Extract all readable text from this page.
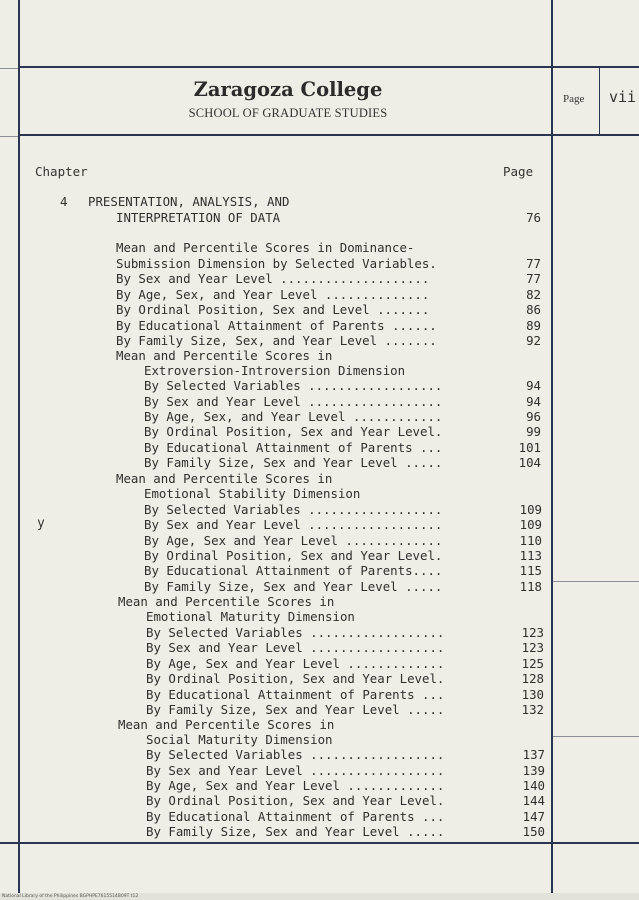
Zaragoza College
SCHOOL OF GRADUATE STUDIES
Page vii
Chapter	Page
4 PRESENTATION, ANALYSIS, AND
INTERPRETATION OF DATA	76
Mean and Percentile Scores in Dominance-
Submission Dimension by Selected Variables.	77
By Sex and Year Level ....................	77
By Age, Sex, and Year Level ..............	82
By Ordinal Position, Sex and Level .......	86
By Educational Attainment of Parents ......	89
By Family Size, Sex, and Year Level .......	92
Mean and Percentile Scores in
Extroversion-Introversion Dimension
By Selected Variables ..................	94
By Sex and Year Level ..................	94
By Age, Sex, and Year Level ............	96
By Ordinal Position, Sex and Year Level.	99
By Educational Attainment of Parents ...	101
By Family Size, Sex and Year Level .....	104
Mean and Percentile Scores in
Emotional Stability Dimension
By Selected Variables ..................	109
By Sex and Year Level ..................	109
By Age, Sex and Year Level .............	110
By Ordinal Position, Sex and Year Level.	113
By Educational Attainment of Parents....	115
By Family Size, Sex and Year Level .....	118
Mean and Percentile Scores in
Emotional Maturity Dimension
By Selected Variables ..................	123
By Sex and Year Level ..................	123
By Age, Sex and Year Level .............	125
By Ordinal Position, Sex and Year Level.	128
By Educational Attainment of Parents ...	130
By Family Size, Sex and Year Level .....	132
Mean and Percentile Scores in
Social Maturity Dimension
By Selected Variables ..................	137
By Sex and Year Level ..................	139
By Age, Sex and Year Level .............	140
By Ordinal Position, Sex and Year Level.	144
By Educational Attainment of Parents ...	147
By Family Size, Sex and Year Level .....	150
y
National Library of the Philippines BGPHPE7615514B09T t12
